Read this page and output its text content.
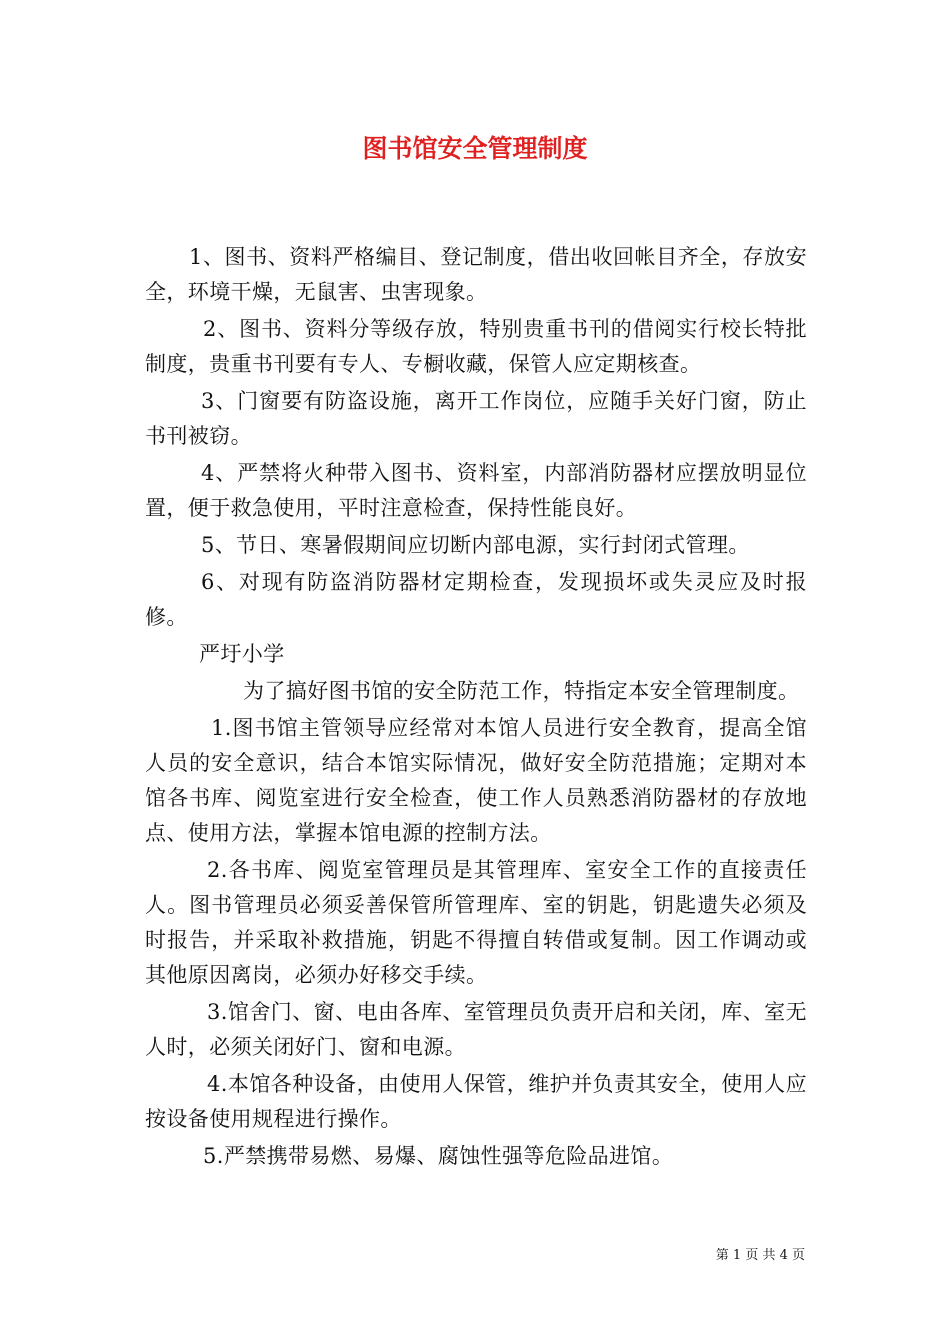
图书馆安全管理制度

1、图书、资料严格编目、登记制度，借出收回帐目齐全，存放安全，环境干燥，无鼠害、虫害现象。

2、图书、资料分等级存放，特别贵重书刊的借阅实行校长特批制度，贵重书刊要有专人、专橱收藏，保管人应定期核查。

3、门窗要有防盗设施，离开工作岗位，应随手关好门窗，防止书刊被窃。

4、严禁将火种带入图书、资料室，内部消防器材应摆放明显位置，便于救急使用，平时注意检查，保持性能良好。

5、节日、寒暑假期间应切断内部电源，实行封闭式管理。

6、对现有防盗消防器材定期检查，发现损坏或失灵应及时报修。

严圩小学

为了搞好图书馆的安全防范工作，特指定本安全管理制度。

1.图书馆主管领导应经常对本馆人员进行安全教育，提高全馆人员的安全意识，结合本馆实际情况，做好安全防范措施；定期对本馆各书库、阅览室进行安全检查，使工作人员熟悉消防器材的存放地点、使用方法，掌握本馆电源的控制方法。

2.各书库、阅览室管理员是其管理库、室安全工作的直接责任人。图书管理员必须妥善保管所管理库、室的钥匙，钥匙遗失必须及时报告，并采取补救措施，钥匙不得擅自转借或复制。因工作调动或其他原因离岗，必须办好移交手续。

3.馆舍门、窗、电由各库、室管理员负责开启和关闭，库、室无人时，必须关闭好门、窗和电源。

4.本馆各种设备，由使用人保管，维护并负责其安全，使用人应按设备使用规程进行操作。

5.严禁携带易燃、易爆、腐蚀性强等危险品进馆。

第 1 页 共 4 页
